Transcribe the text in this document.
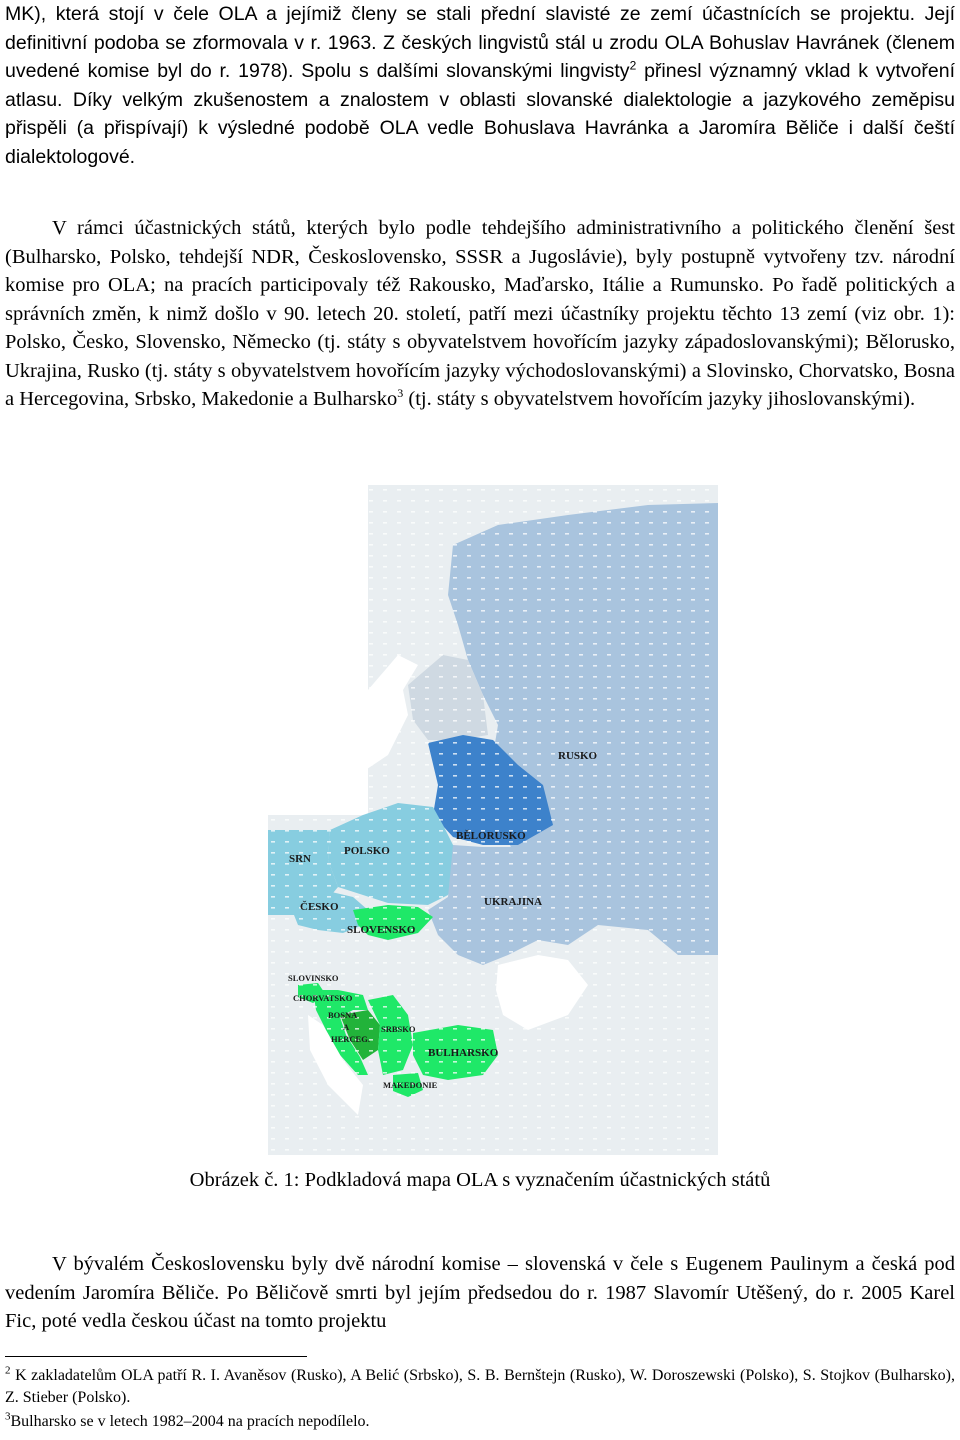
MK), která stojí v čele OLA a jejímiž členy se stali přední slavisté ze zemí účastnících se projektu. Její definitivní podoba se zformovala v r. 1963. Z českých lingvistů stál u zrodu OLA Bohuslav Havránek (členem uvedené komise byl do r. 1978). Spolu s dalšími slovanskými lingvisty$^2$ přinesl významný vklad k vytvoření atlasu. Díky velkým zkušenostem a znalostem v oblasti slovanské dialektologie a jazykového zeměpisu přispěli (a přispívají) k výsledné podobě OLA vedle Bohuslava Havránka a Jaromíra Běliče i další čeští dialektologové.

V rámci účastnických států, kterých bylo podle tehdejšího administrativního a politického členění šest (Bulharsko, Polsko, tehdejší NDR, Československo, SSSR a Jugoslávie), byly postupně vytvořeny tzv. národní komise pro OLA; na pracích participovaly též Rakousko, Maďarsko, Itálie a Rumunsko. Po řadě politických a správních změn, k nimž došlo v 90. letech 20. století, patří mezi účastníky projektu těchto 13 zemí (viz obr. 1): Polsko, Česko, Slovensko, Německo (tj. státy s obyvatelstvem hovořícím jazyky západoslovanskými); Bělorusko, Ukrajina, Rusko (tj. státy s obyvatelstvem hovořícím jazyky východoslovanskými) a Slovinsko, Chorvatsko, Bosna a Hercegovina, Srbsko, Makedonie a Bulharsko$^3$ (tj. státy s obyvatelstvem hovořícím jazyky jihoslovanskými).

RUSKO
BĚLORUSKO
POLSKO
SRN
ČESKO
SLOVENSKO
UKRAJINA
SLOVINSKO
CHORVATSKO
BOSNA
A
HERCEG.
SRBSKO
BULHARSKO
MAKEDONIE
Obrázek č. 1: Podkladová mapa OLA s vyznačením účastnických států

V bývalém Československu byly dvě národní komise – slovenská v čele s Eugenem Paulinym a česká pod vedením Jaromíra Běliče. Po Běličově smrti byl jejím předsedou do r. 1987 Slavomír Utěšený, do r. 2005 Karel Fic, poté vedla českou účast na tomto projektu

$^2$ K zakladatelům OLA patří R. I. Avaněsov (Rusko), A Belić (Srbsko), S. B. Bernštejn (Rusko), W. Doroszewski (Polsko), S. Stojkov (Bulharsko), Z. Stieber (Polsko).

$^3$Bulharsko se v letech 1982–2004 na pracích nepodílelo.
